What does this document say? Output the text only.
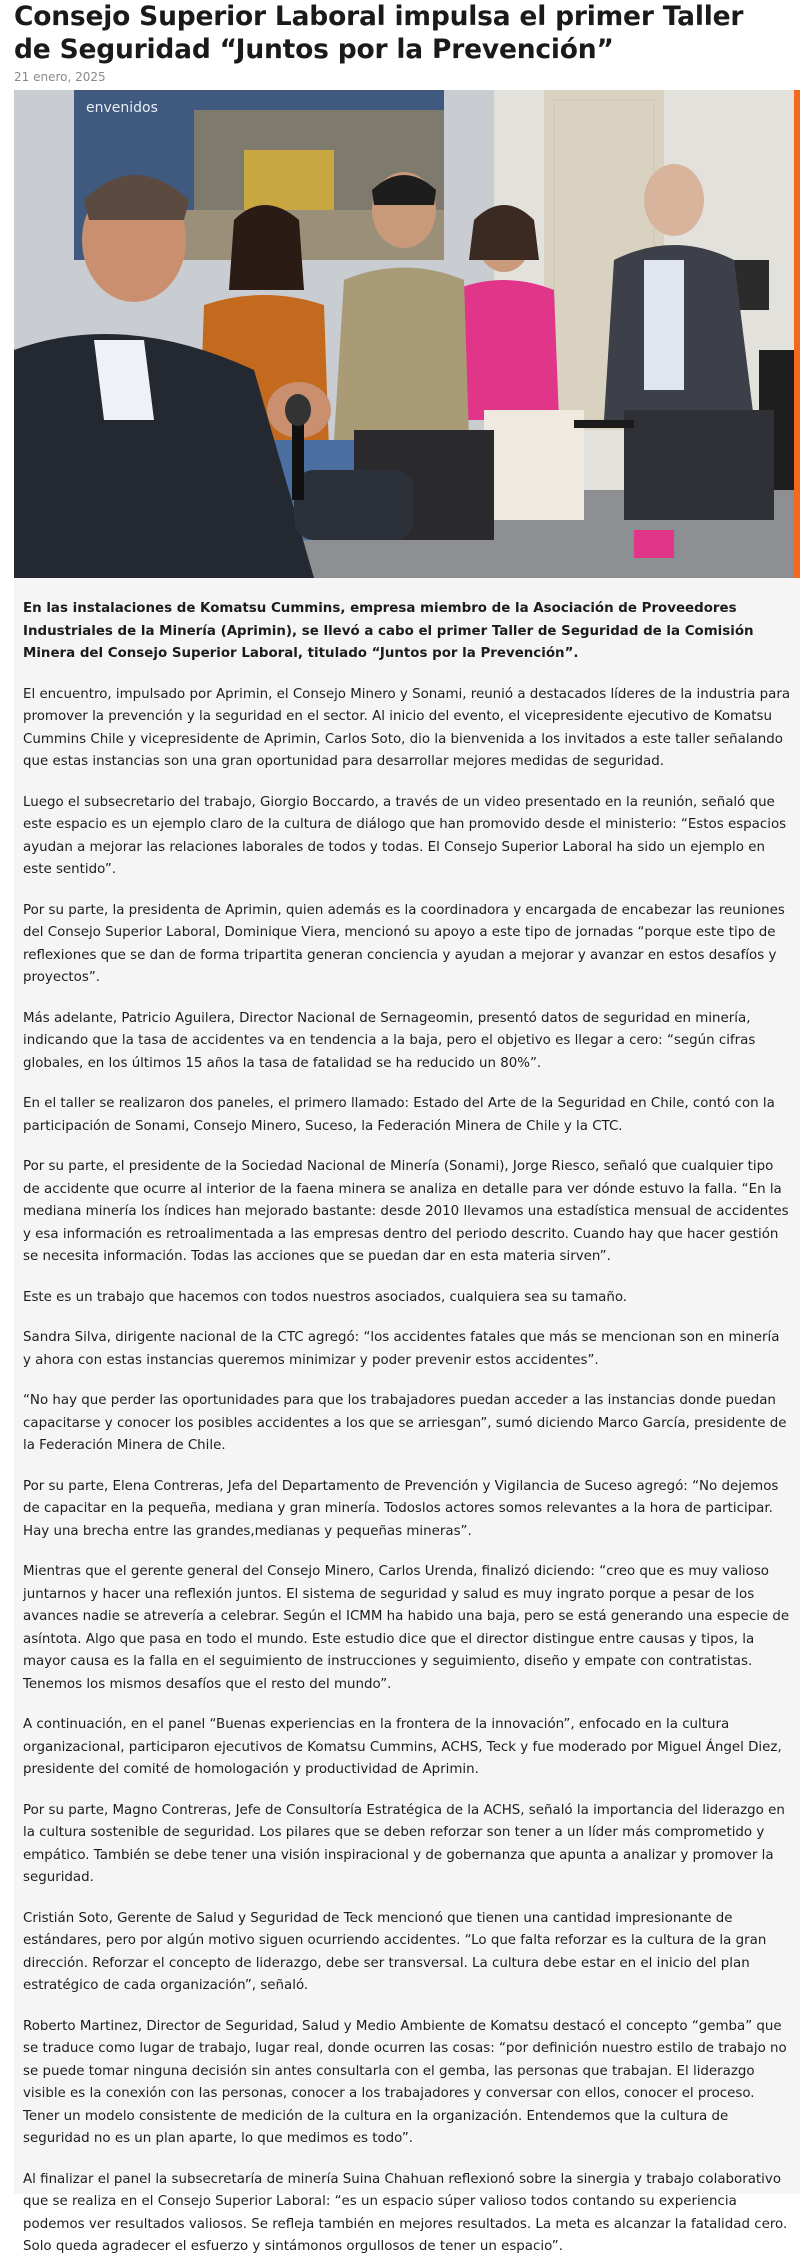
Consejo Superior Laboral impulsa el primer Taller de Seguridad “Juntos por la Prevención”
21 enero, 2025
envenidos

En las instalaciones de Komatsu Cummins, empresa miembro de la Asociación de Proveedores Industriales de la Minería (Aprimin), se llevó a cabo el primer Taller de Seguridad de la Comisión Minera del Consejo Superior Laboral, titulado “Juntos por la Prevención”.

El encuentro, impulsado por Aprimin, el Consejo Minero y Sonami, reunió a destacados líderes de la industria para promover la prevención y la seguridad en el sector. Al inicio del evento, el vicepresidente ejecutivo de Komatsu Cummins Chile y vicepresidente de Aprimin, Carlos Soto, dio la bienvenida a los invitados a este taller señalando que estas instancias son una gran oportunidad para desarrollar mejores medidas de seguridad.

Luego el subsecretario del trabajo, Giorgio Boccardo, a través de un video presentado en la reunión, señaló que este espacio es un ejemplo claro de la cultura de diálogo que han promovido desde el ministerio: “Estos espacios ayudan a mejorar las relaciones laborales de todos y todas. El Consejo Superior Laboral ha sido un ejemplo en este sentido”.

Por su parte, la presidenta de Aprimin, quien además es la coordinadora y encargada de encabezar las reuniones del Consejo Superior Laboral, Dominique Viera, mencionó su apoyo a este tipo de jornadas “porque este tipo de reflexiones que se dan de forma tripartita generan conciencia y ayudan a mejorar y avanzar en estos desafíos y proyectos”.

Más adelante, Patricio Aguilera, Director Nacional de Sernageomin, presentó datos de seguridad en minería, indicando que la tasa de accidentes va en tendencia a la baja, pero el objetivo es llegar a cero: “según cifras globales, en los últimos 15 años la tasa de fatalidad se ha reducido un 80%”.

En el taller se realizaron dos paneles, el primero llamado: Estado del Arte de la Seguridad en Chile, contó con la participación de Sonami, Consejo Minero, Suceso, la Federación Minera de Chile y la CTC.

Por su parte, el presidente de la Sociedad Nacional de Minería (Sonami), Jorge Riesco, señaló que cualquier tipo de accidente que ocurre al interior de la faena minera se analiza en detalle para ver dónde estuvo la falla. “En la mediana minería los índices han mejorado bastante: desde 2010 llevamos una estadística mensual de accidentes y esa información es retroalimentada a las empresas dentro del periodo descrito. Cuando hay que hacer gestión se necesita información. Todas las acciones que se puedan dar en esta materia sirven”.

Este es un trabajo que hacemos con todos nuestros asociados, cualquiera sea su tamaño.

Sandra Silva, dirigente nacional de la CTC agregó: “los accidentes fatales que más se mencionan son en minería y ahora con estas instancias queremos minimizar y poder prevenir estos accidentes”.

“No hay que perder las oportunidades para que los trabajadores puedan acceder a las instancias donde puedan capacitarse y conocer los posibles accidentes a los que se arriesgan”, sumó diciendo Marco García, presidente de la Federación Minera de Chile.

Por su parte, Elena Contreras, Jefa del Departamento de Prevención y Vigilancia de Suceso agregó: “No dejemos de capacitar en la pequeña, mediana y gran minería. Todoslos actores somos relevantes a la hora de participar. Hay una brecha entre las grandes,medianas y pequeñas mineras”.

Mientras que el gerente general del Consejo Minero, Carlos Urenda, finalizó diciendo: “creo que es muy valioso juntarnos y hacer una reflexión juntos. El sistema de seguridad y salud es muy ingrato porque a pesar de los avances nadie se atrevería a celebrar. Según el ICMM ha habido una baja, pero se está generando una especie de asíntota. Algo que pasa en todo el mundo. Este estudio dice que el director distingue entre causas y tipos, la mayor causa es la falla en el seguimiento de instrucciones y seguimiento, diseño y empate con contratistas. Tenemos los mismos desafíos que el resto del mundo”.

A continuación, en el panel “Buenas experiencias en la frontera de la innovación”, enfocado en la cultura organizacional, participaron ejecutivos de Komatsu Cummins, ACHS, Teck y fue moderado por Miguel Ángel Diez, presidente del comité de homologación y productividad de Aprimin.

Por su parte, Magno Contreras, Jefe de Consultoría Estratégica de la ACHS, señaló la importancia del liderazgo en la cultura sostenible de seguridad. Los pilares que se deben reforzar son tener a un líder más comprometido y empático. También se debe tener una visión inspiracional y de gobernanza que apunta a analizar y promover la seguridad.

Cristián Soto, Gerente de Salud y Seguridad de Teck mencionó que tienen una cantidad impresionante de estándares, pero por algún motivo siguen ocurriendo accidentes. “Lo que falta reforzar es la cultura de la gran dirección. Reforzar el concepto de liderazgo, debe ser transversal. La cultura debe estar en el inicio del plan estratégico de cada organización”, señaló.

Roberto Martinez, Director de Seguridad, Salud y Medio Ambiente de Komatsu destacó el concepto “gemba” que se traduce como lugar de trabajo, lugar real, donde ocurren las cosas: “por definición nuestro estilo de trabajo no se puede tomar ninguna decisión sin antes consultarla con el gemba, las personas que trabajan. El liderazgo visible es la conexión con las personas, conocer a los trabajadores y conversar con ellos, conocer el proceso. Tener un modelo consistente de medición de la cultura en la organización. Entendemos que la cultura de seguridad no es un plan aparte, lo que medimos es todo”.

Al finalizar el panel la subsecretaría de minería Suina Chahuan reflexionó sobre la sinergia y trabajo colaborativo que se realiza en el Consejo Superior Laboral: “es un espacio súper valioso todos contando su experiencia podemos ver resultados valiosos. Se refleja también en mejores resultados. La meta es alcanzar la fatalidad cero. Solo queda agradecer el esfuerzo y sintámonos orgullosos de tener un espacio”.
